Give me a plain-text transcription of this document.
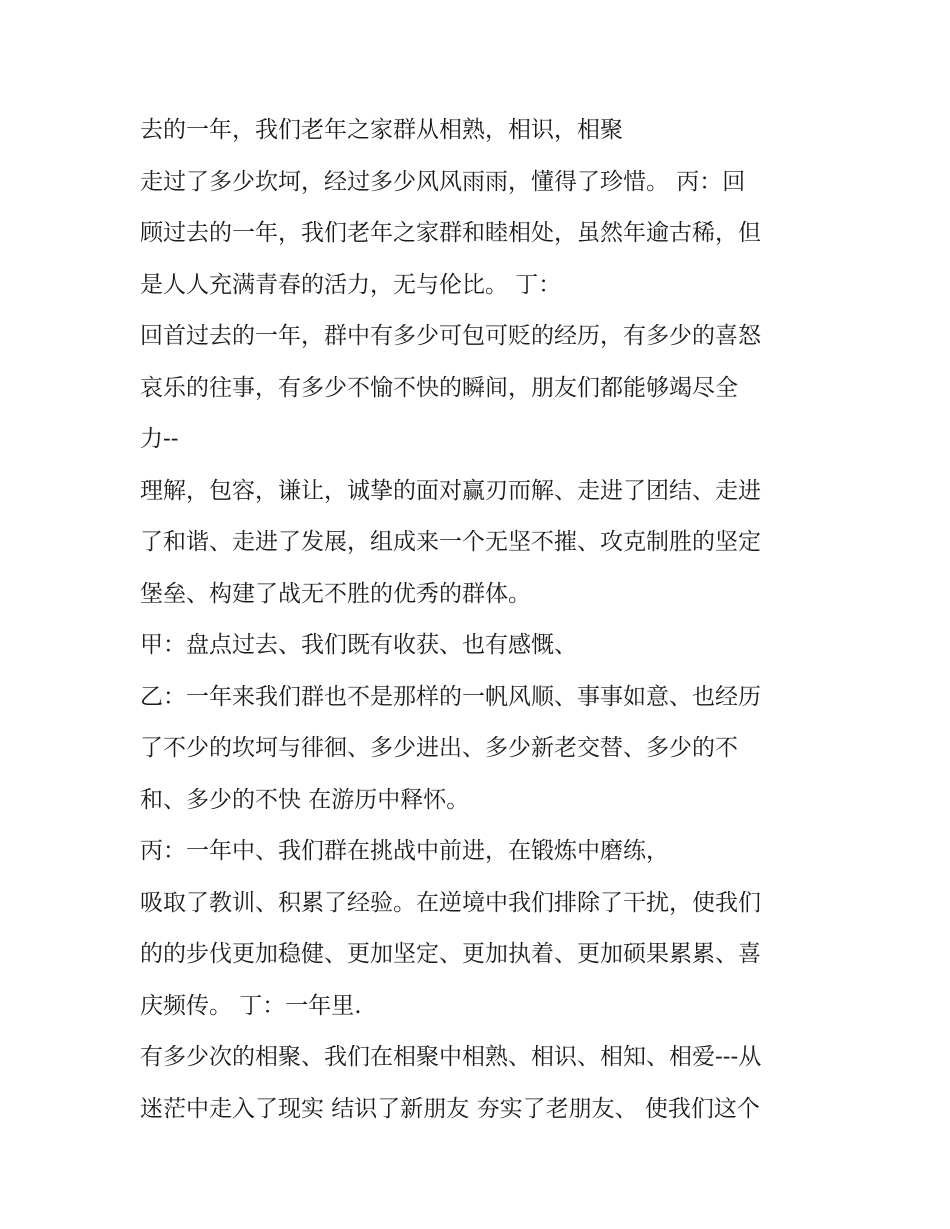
去的一年，我们老年之家群从相熟，相识，相聚
走过了多少坎坷，经过多少风风雨雨，懂得了珍惜。 丙：回
顾过去的一年，我们老年之家群和睦相处，虽然年逾古稀，但
是人人充满青春的活力，无与伦比。 丁：
回首过去的一年，群中有多少可包可贬的经历，有多少的喜怒
哀乐的往事，有多少不愉不快的瞬间，朋友们都能够竭尽全
力--
理解，包容，谦让，诚挚的面对赢刃而解、走进了团结、走进
了和谐、走进了发展，组成来一个无坚不摧、攻克制胜的坚定
堡垒、构建了战无不胜的优秀的群体。
甲：盘点过去、我们既有收获、也有感慨、
乙：一年来我们群也不是那样的一帆风顺、事事如意、也经历
了不少的坎坷与徘徊、多少进出、多少新老交替、多少的不
和、多少的不快 在游历中释怀。
丙：一年中、我们群在挑战中前进，在锻炼中磨练，
吸取了教训、积累了经验。在逆境中我们排除了干扰，使我们
的的步伐更加稳健、更加坚定、更加执着、更加硕果累累、喜
庆频传。 丁：一年里.
有多少次的相聚、我们在相聚中相熟、相识、相知、相爱---从
迷茫中走入了现实 结识了新朋友 夯实了老朋友、 使我们这个
